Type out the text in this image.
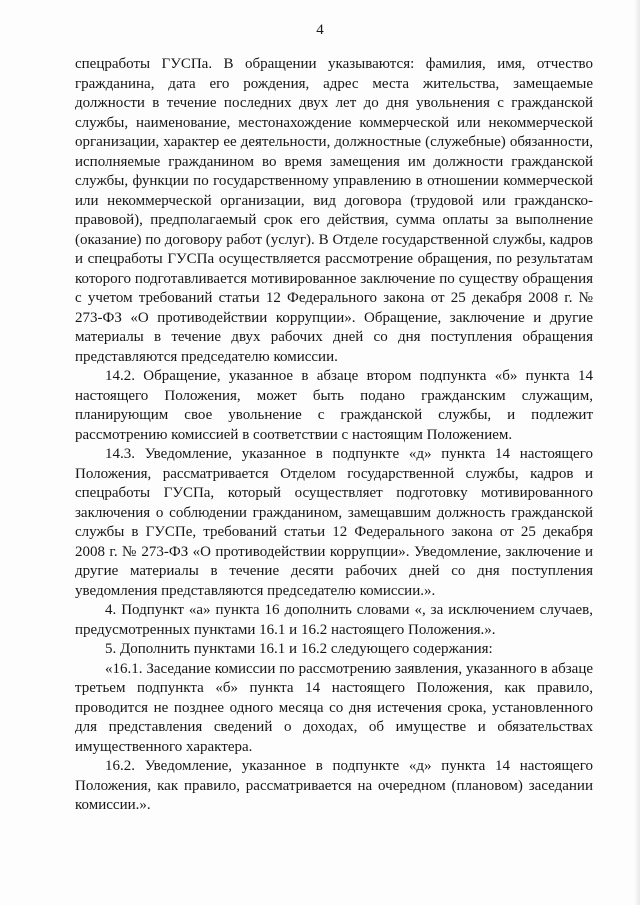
4

спецработы ГУСПа. В обращении указываются: фамилия, имя, отчество гражданина, дата его рождения, адрес места жительства, замещаемые должности в течение последних двух лет до дня увольнения с гражданской службы, наименование, местонахождение коммерческой или некоммерческой организации, характер ее деятельности, должностные (служебные) обязанности, исполняемые гражданином во время замещения им должности гражданской службы, функции по государственному управлению в отношении коммерческой или некоммерческой организации, вид договора (трудовой или гражданско-правовой), предполагаемый срок его действия, сумма оплаты за выполнение (оказание) по договору работ (услуг). В Отделе государственной службы, кадров и спецработы ГУСПа осуществляется рассмотрение обращения, по результатам которого подготавливается мотивированное заключение по существу обращения с учетом требований статьи 12 Федерального закона от 25 декабря 2008 г. № 273-ФЗ «О противодействии коррупции». Обращение, заключение и другие материалы в течение двух рабочих дней со дня поступления обращения представляются председателю комиссии.

14.2. Обращение, указанное в абзаце втором подпункта «б» пункта 14 настоящего Положения, может быть подано гражданским служащим, планирующим свое увольнение с гражданской службы, и подлежит рассмотрению комиссией в соответствии с настоящим Положением.

14.3. Уведомление, указанное в подпункте «д» пункта 14 настоящего Положения, рассматривается Отделом государственной службы, кадров и спецработы ГУСПа, который осуществляет подготовку мотивированного заключения о соблюдении гражданином, замещавшим должность гражданской службы в ГУСПе, требований статьи 12 Федерального закона от 25 декабря 2008 г. № 273-ФЗ «О противодействии коррупции». Уведомление, заключение и другие материалы в течение десяти рабочих дней со дня поступления уведомления представляются председателю комиссии.».

4. Подпункт «а» пункта 16 дополнить словами «, за исключением случаев, предусмотренных пунктами 16.1 и 16.2 настоящего Положения.».

5. Дополнить пунктами 16.1 и 16.2 следующего содержания:

«16.1. Заседание комиссии по рассмотрению заявления, указанного в абзаце третьем подпункта «б» пункта 14 настоящего Положения, как правило, проводится не позднее одного месяца со дня истечения срока, установленного для представления сведений о доходах, об имуществе и обязательствах имущественного характера.

16.2. Уведомление, указанное в подпункте «д» пункта 14 настоящего Положения, как правило, рассматривается на очередном (плановом) заседании комиссии.».
